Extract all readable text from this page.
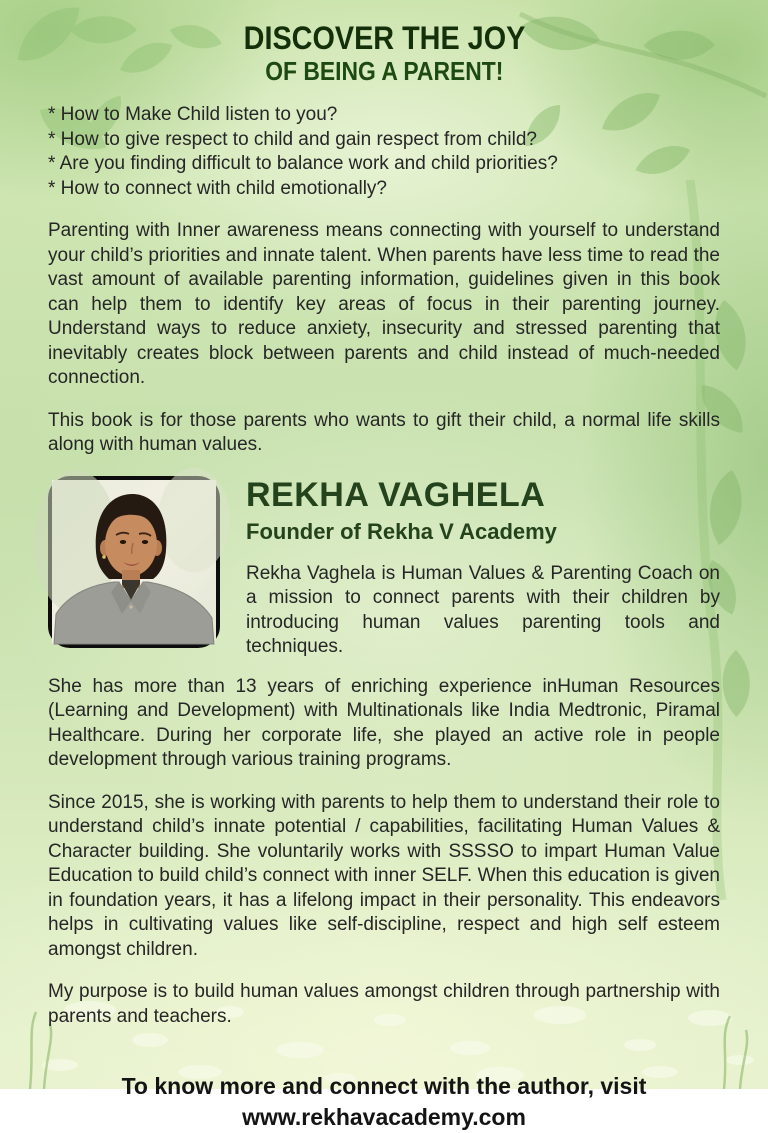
DISCOVER THE JOY
OF BEING A PARENT!
* How to Make Child listen to you?
* How to give respect to child and gain respect from child?
* Are you finding difficult to balance work and child priorities?
* How to connect with child emotionally?

Parenting with Inner awareness means connecting with yourself to understand your child’s priorities and innate talent. When parents have less time to read the vast amount of available parenting information, guidelines given in this book can help them to identify key areas of focus in their parenting journey. Understand ways to reduce anxiety, insecurity and stressed parenting that inevitably creates block between parents and child instead of much-needed connection.

This book is for those parents who wants to gift their child, a normal life skills along with human values.

REKHA VAGHELA
Founder of Rekha V Academy

Rekha Vaghela is Human Values & Parenting Coach on a mission to connect parents with their children by introducing human values parenting tools and techniques.

She has more than 13 years of enriching experience inHuman Resources (Learning and Development) with Multinationals like India Medtronic, Piramal Healthcare. During her corporate life, she played an active role in people development through various training programs.

Since 2015, she is working with parents to help them to understand their role to understand child’s innate potential / capabilities, facilitating Human Values & Character building. She voluntarily works with SSSSO to impart Human Value Education to build child’s connect with inner SELF. When this education is given in foundation years, it has a lifelong impact in their personality. This endeavors helps in cultivating values like self-discipline, respect and high self esteem amongst children.

My purpose is to build human values amongst children through partnership with parents and teachers.

To know more and connect with the author, visit
www.rekhavacademy.com
